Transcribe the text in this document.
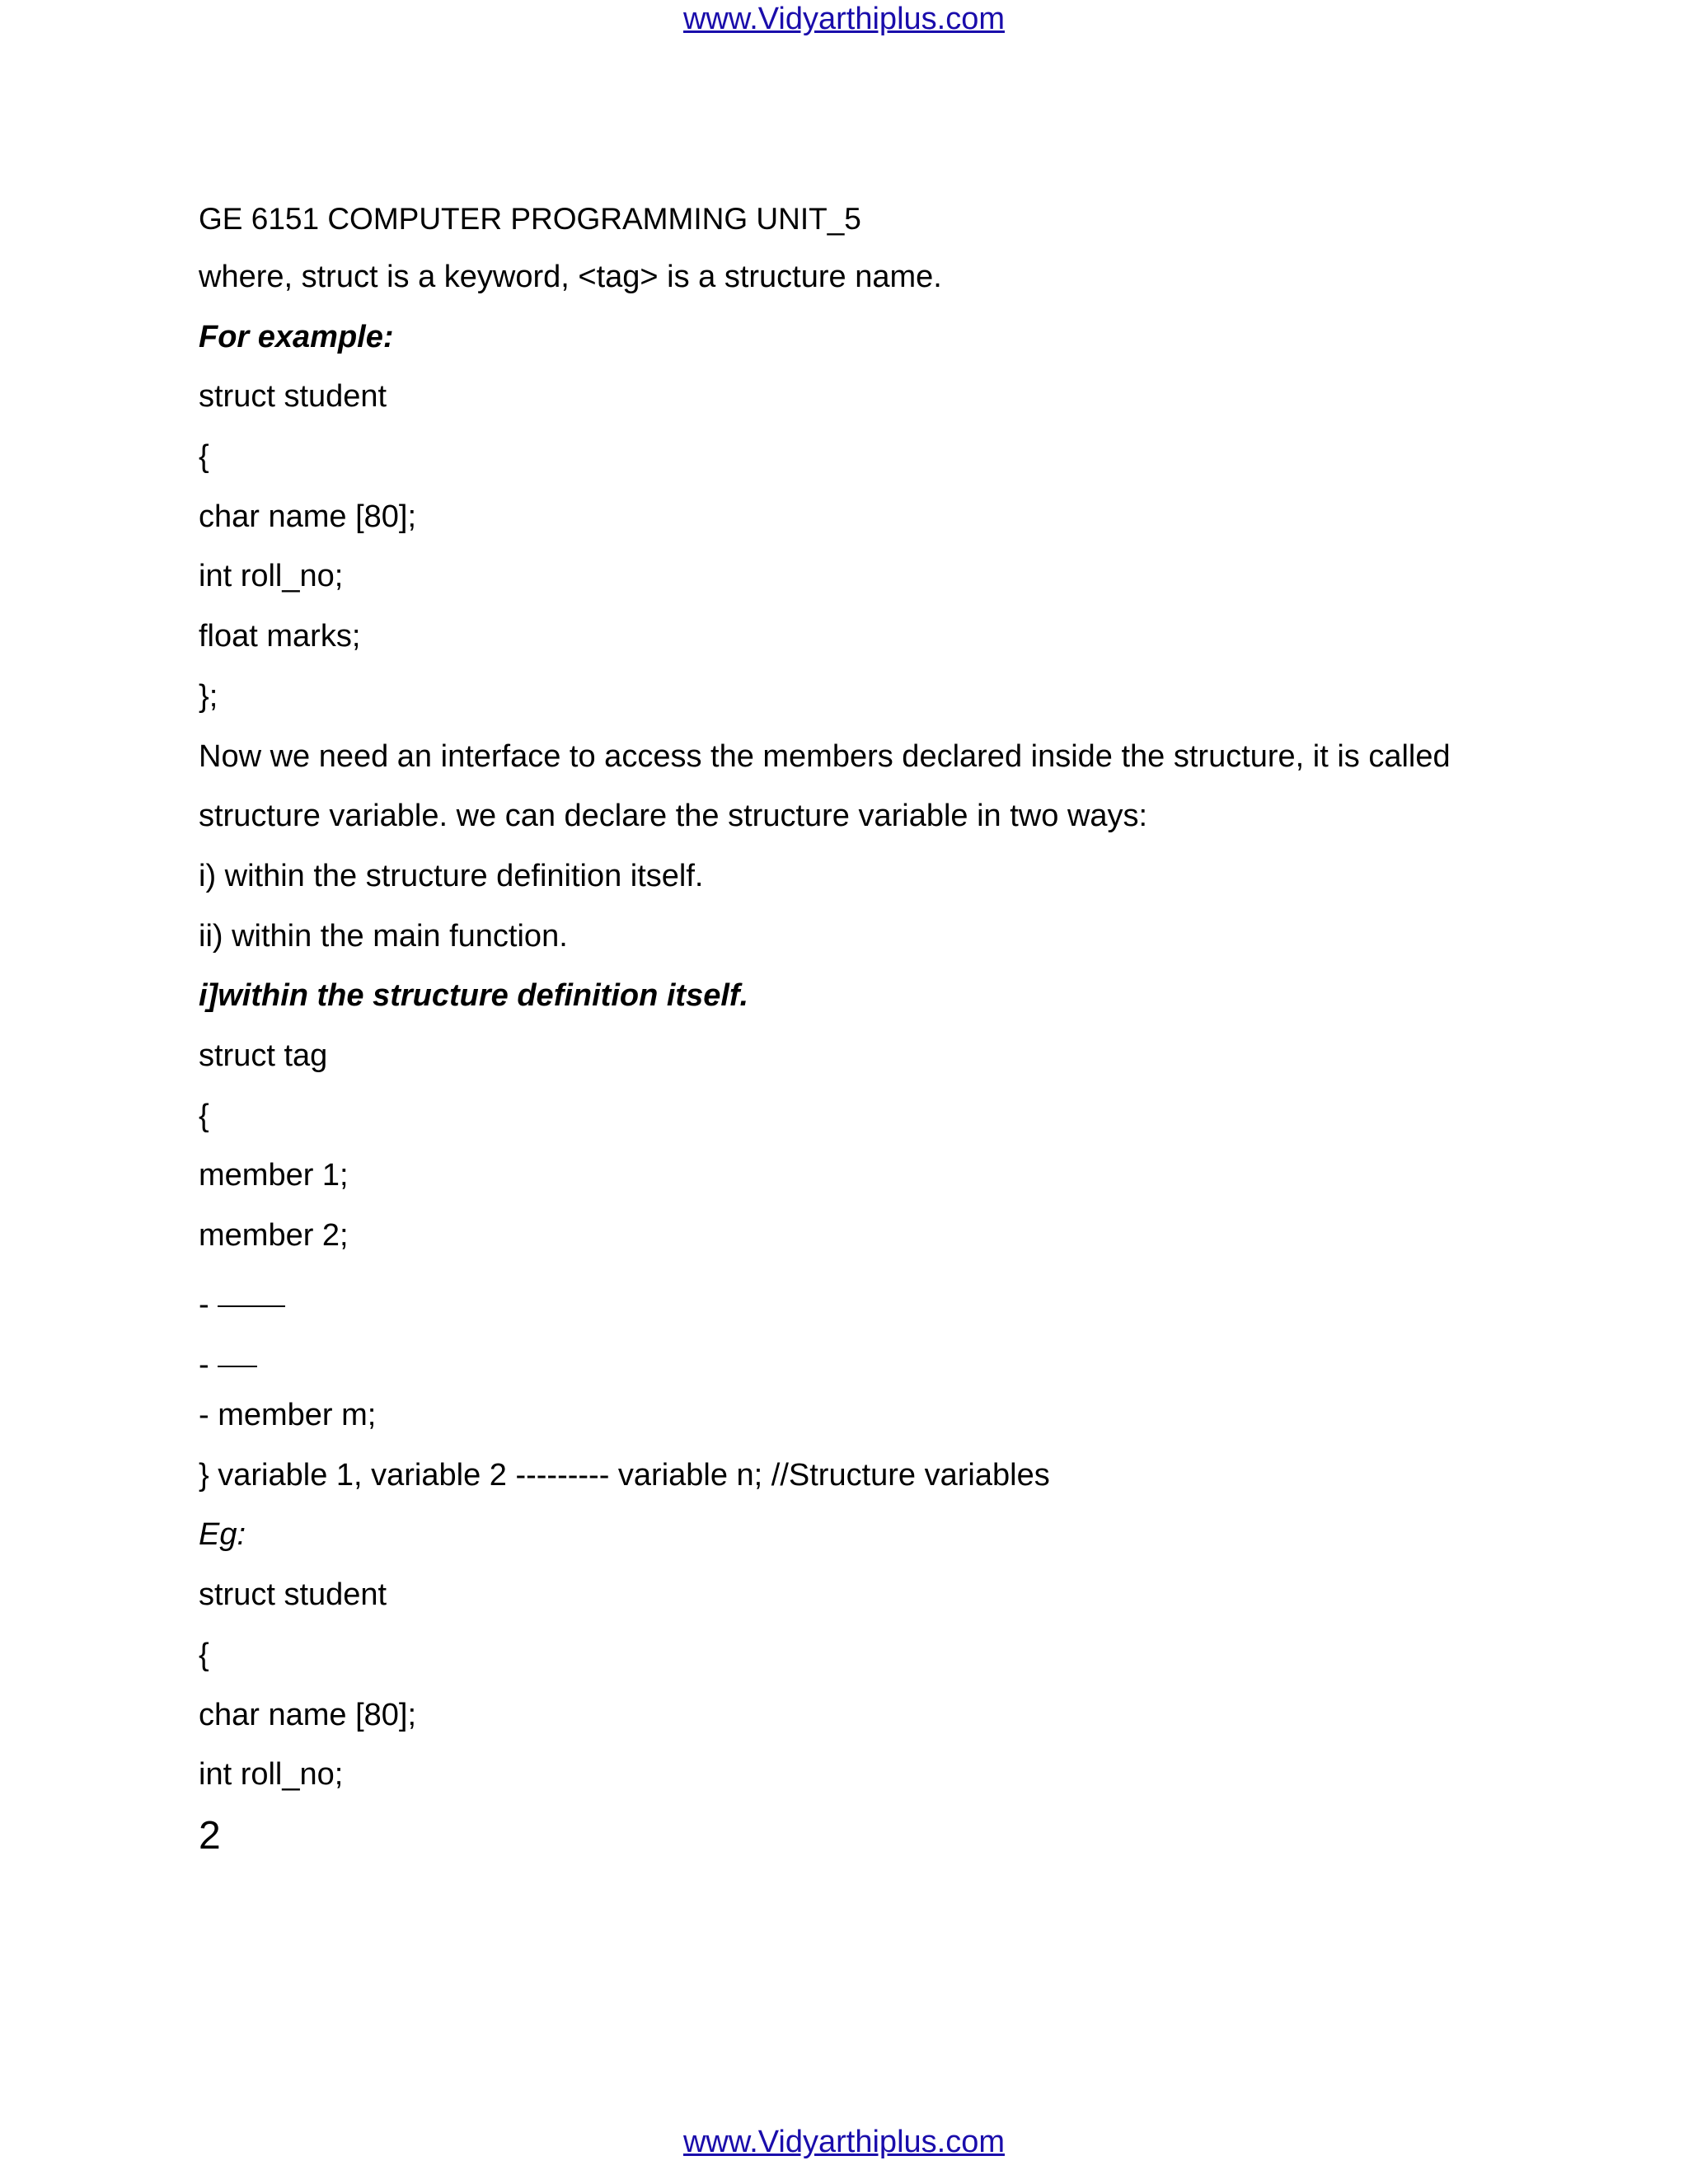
www.Vidyarthiplus.com
GE 6151 COMPUTER PROGRAMMING UNIT_5
where, struct is a keyword, <tag> is a structure name.
For example:
struct student
{
char name [80];
int roll_no;
float marks;
};
Now we need an interface to access the members declared inside the structure, it is called
structure variable. we can declare the structure variable in two ways:
i) within the structure definition itself.
ii) within the main function.
i]within the structure definition itself.
struct tag
{
member 1;
member 2;
-
-
- member m;
} variable 1, variable 2 --------- variable n; //Structure variables
Eg:
struct student
{
char name [80];
int roll_no;
2
www.Vidyarthiplus.com
